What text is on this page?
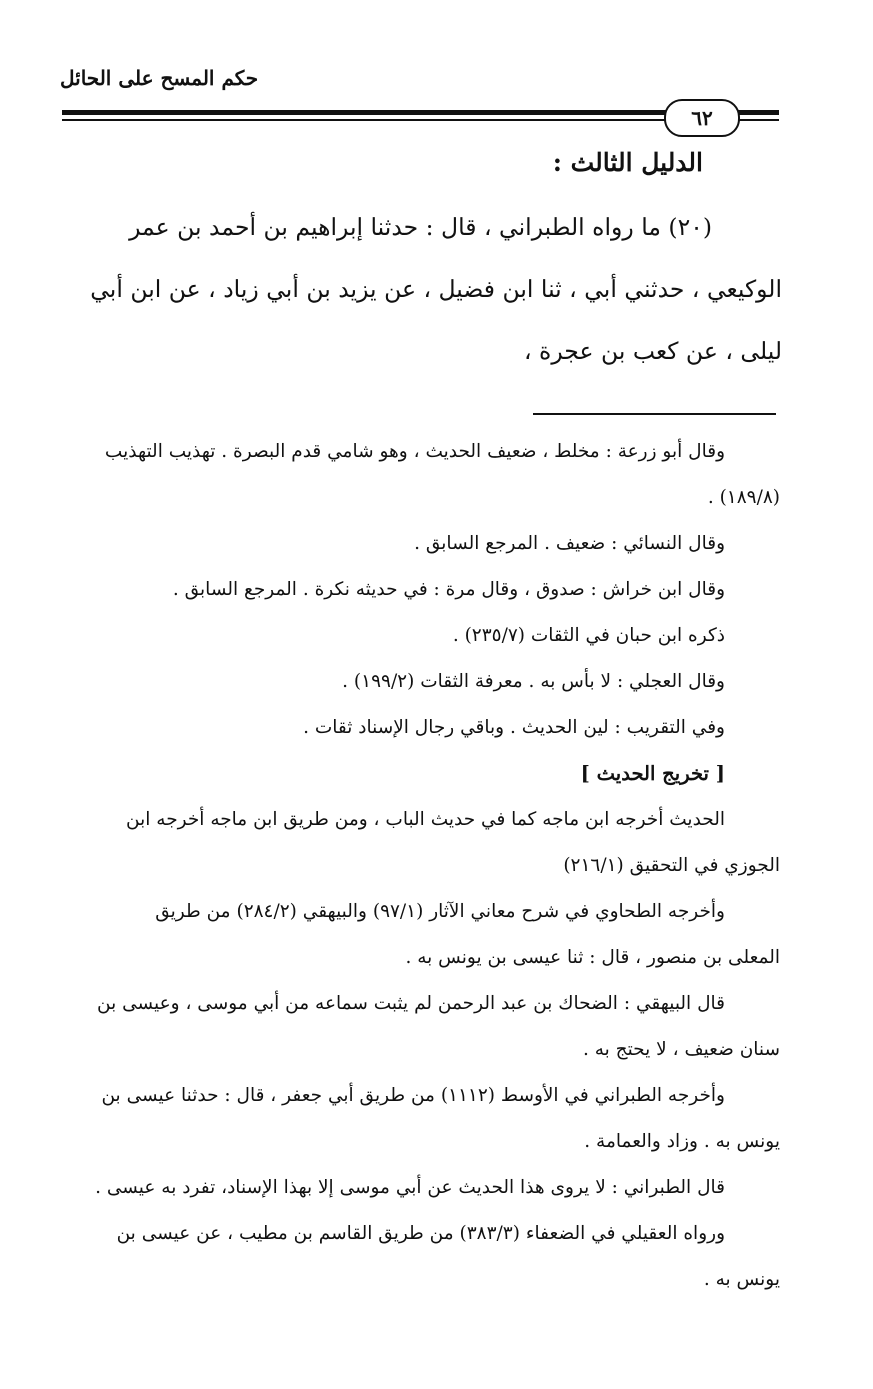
حكم المسح على الحائل
٦٢
الدليل الثالث :
(٢٠) ما رواه الطبراني ، قال : حدثنا إبراهيم بن أحمد بن عمر
الوكيعي ، حدثني أبي ، ثنا ابن فضيل ، عن يزيد بن أبي زياد ، عن ابن أبي
ليلى ، عن كعب بن عجرة ،
وقال أبو زرعة : مخلط ، ضعيف الحديث ، وهو شامي قدم البصرة . تهذيب التهذيب
(١٨٩/٨) .
وقال النسائي : ضعيف . المرجع السابق .
وقال ابن خراش : صدوق ، وقال مرة : في حديثه نكرة . المرجع السابق .
ذكره ابن حبان في الثقات (٢٣٥/٧) .
وقال العجلي : لا بأس به . معرفة الثقات (١٩٩/٢) .
وفي التقريب : لين الحديث . وباقي رجال الإسناد ثقات .
[ تخريج الحديث ]
الحديث أخرجه ابن ماجه كما في حديث الباب ، ومن طريق ابن ماجه أخرجه ابن
الجوزي في التحقيق (٢١٦/١)
وأخرجه الطحاوي في شرح معاني الآثار (٩٧/١) والبيهقي (٢٨٤/٢) من طريق
المعلى بن منصور ، قال : ثنا عيسى بن يونس به .
قال البيهقي : الضحاك بن عبد الرحمن لم يثبت سماعه من أبي موسى ، وعيسى بن
سنان ضعيف ، لا يحتج به .
وأخرجه الطبراني في الأوسط (١١١٢) من طريق أبي جعفر ، قال : حدثنا عيسى بن
يونس به . وزاد والعمامة .
قال الطبراني : لا يروى هذا الحديث عن أبي موسى إلا بهذا الإسناد، تفرد به عيسى .
ورواه العقيلي في الضعفاء (٣٨٣/٣) من طريق القاسم بن مطيب ، عن عيسى بن
يونس به .
